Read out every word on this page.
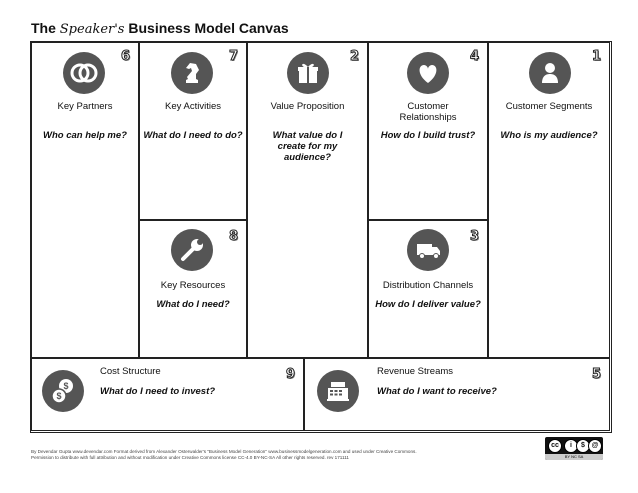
The Speaker's Business Model Canvas
6
Key Partners
Who can help me?
7
Key Activities
What do I need to do?
8
Key Resources
What do I need?
2
Value Proposition
What value do I create for my audience?
4
Customer Relationships
How do I build trust?
3
Distribution Channels
How do I deliver value?
1
Customer Segments
Who is my audience?
9
$
$
Cost Structure
What do I need to invest?
5
Revenue Streams
What do I want to receive?
By Devendar Gupta www.devendar.com Format derived from Alexander Osterwalder's "Business Model Generation" www.businessmodelgeneration.com and used under Creative Commons.
Permission to distribute with full attribution and without modification under Creative Commons license CC-4.0 BY-NC-SA All other rights reserved. rev 171111
cc	i	$ @
BY NC SA
